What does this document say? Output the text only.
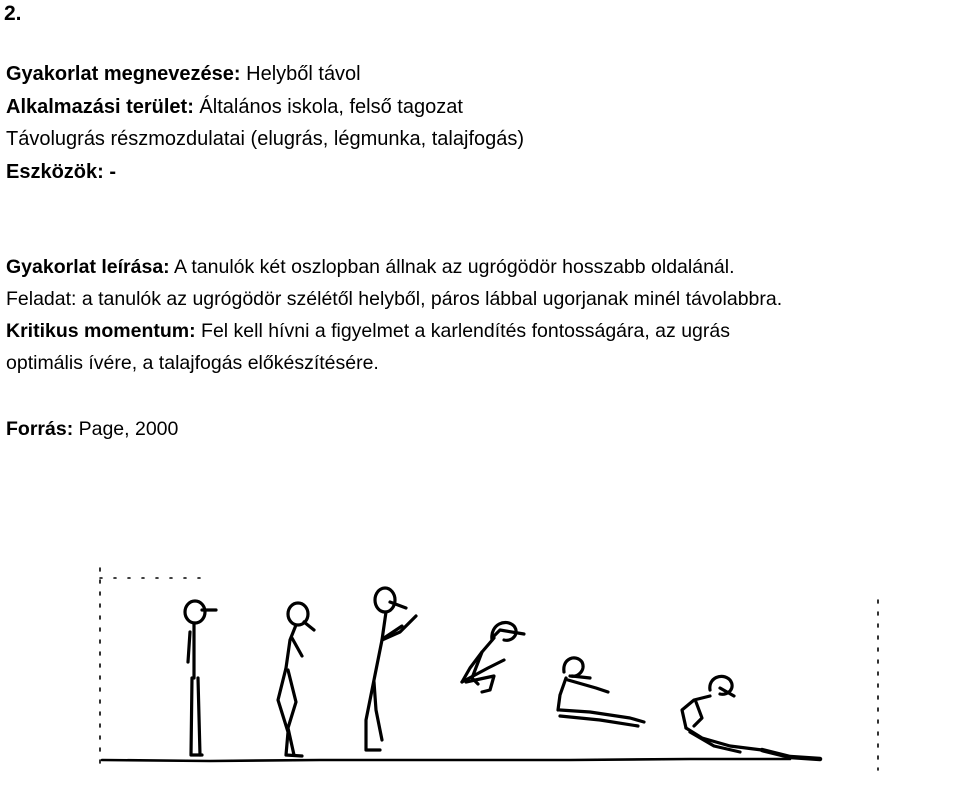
2.
Gyakorlat megnevezése: Helyből távol
Alkalmazási terület: Általános iskola, felső tagozat
Távolugrás részmozdulatai (elugrás, légmunka, talajfogás)
Eszközök: -
Gyakorlat leírása: A tanulók két oszlopban állnak az ugrógödör hosszabb oldalánál.
Feladat: a tanulók az ugrógödör szélétől helyből, páros lábbal ugorjanak minél távolabbra.
Kritikus momentum: Fel kell hívni a figyelmet a karlendítés fontosságára, az ugrás
optimális ívére, a talajfogás előkészítésére.
Forrás: Page, 2000
